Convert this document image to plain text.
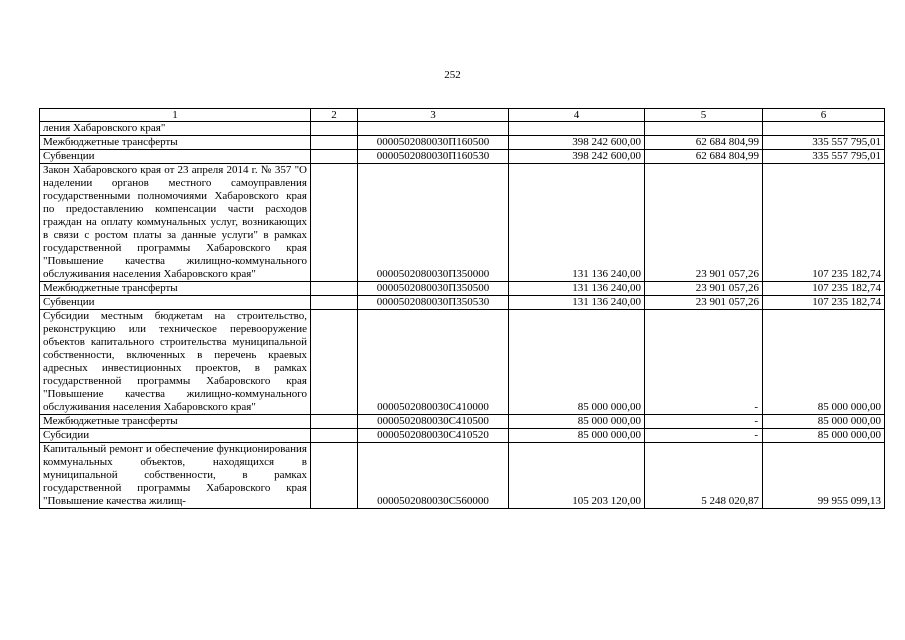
252
1	2	3	4	5	6
ления Хабаровского края"					
Межбюджетные трансферты		0000502080030П160500	398 242 600,00	62 684 804,99	335 557 795,01
Субвенции		0000502080030П160530	398 242 600,00	62 684 804,99	335 557 795,01
Закон Хабаровского края от 23 апреля 2014 г. № 357 "О наделении органов местного самоуправления государственными полномочиями Хабаровского края по предоставлению компенсации части расходов граждан на оплату коммунальных услуг, возникающих в связи с ростом платы за данные услуги" в рамках государственной программы Хабаровского края "Повышение качества жилищно-коммунального обслуживания населения Хабаровского края"		0000502080030П350000	131 136 240,00	23 901 057,26	107 235 182,74
Межбюджетные трансферты		0000502080030П350500	131 136 240,00	23 901 057,26	107 235 182,74
Субвенции		0000502080030П350530	131 136 240,00	23 901 057,26	107 235 182,74
Субсидии местным бюджетам на строительство, реконструкцию или техническое перевооружение объектов капитального строительства муниципальной собственности, включенных в перечень краевых адресных инвестиционных проектов, в рамках государственной программы Хабаровского края "Повышение качества жилищно-коммунального обслуживания населения Хабаровского края"		0000502080030С410000	85 000 000,00	-	85 000 000,00
Межбюджетные трансферты		0000502080030С410500	85 000 000,00	-	85 000 000,00
Субсидии		0000502080030С410520	85 000 000,00	-	85 000 000,00
Капитальный ремонт и обеспечение функционирования коммунальных объектов, находящихся в муниципальной собственности, в рамках государственной программы Хабаровского края "Повышение качества жилищ-		0000502080030С560000	105 203 120,00	5 248 020,87	99 955 099,13
